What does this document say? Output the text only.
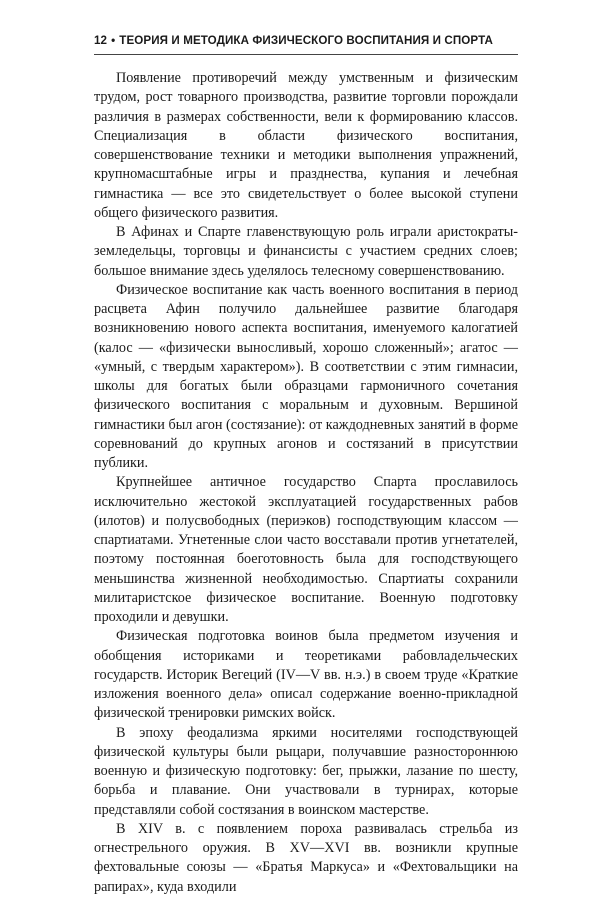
12 • ТЕОРИЯ И МЕТОДИКА ФИЗИЧЕСКОГО ВОСПИТАНИЯ И СПОРТА

Появление противоречий между умственным и физическим трудом, рост товарного производства, развитие торговли порождали различия в размерах собственности, вели к формированию классов. Специализация в области физического воспитания, совершенствование техники и методики выполнения упражнений, крупномасштабные игры и празднества, купания и лечебная гимнастика — все это свидетельствует о более высокой ступени общего физического развития.

В Афинах и Спарте главенствующую роль играли аристократы-земледельцы, торговцы и финансисты с участием средних слоев; большое внимание здесь уделялось телесному совершенствованию.

Физическое воспитание как часть военного воспитания в период расцвета Афин получило дальнейшее развитие благодаря возникновению нового аспекта воспитания, именуемого калогатией (калос — «физически выносливый, хорошо сложенный»; агатос — «умный, с твердым характером»). В соответствии с этим гимнасии, школы для богатых были образцами гармоничного сочетания физического воспитания с моральным и духовным. Вершиной гимнастики был агон (состязание): от каждодневных занятий в форме соревнований до крупных агонов и состязаний в присутствии публики.

Крупнейшее античное государство Спарта прославилось исключительно жестокой эксплуатацией государственных рабов (илотов) и полусвободных (периэков) господствующим классом — спартиатами. Угнетенные слои часто восставали против угнетателей, поэтому постоянная боеготовность была для господствующего меньшинства жизненной необходимостью. Спартиаты сохранили милитаристское физическое воспитание. Военную подготовку проходили и девушки.

Физическая подготовка воинов была предметом изучения и обобщения историками и теоретиками рабовладельческих государств. Историк Вегеций (IV—V вв. н.э.) в своем труде «Краткие изложения военного дела» описал содержание военно-прикладной физической тренировки римских войск.

В эпоху феодализма яркими носителями господствующей физической культуры были рыцари, получавшие разностороннюю военную и физическую подготовку: бег, прыжки, лазание по шесту, борьба и плавание. Они участвовали в турнирах, которые представляли собой состязания в воинском мастерстве.

В XIV в. с появлением пороха развивалась стрельба из огнестрельного оружия. В XV—XVI вв. возникли крупные фехтовальные союзы — «Братья Маркуса» и «Фехтовальщики на рапирах», куда входили
